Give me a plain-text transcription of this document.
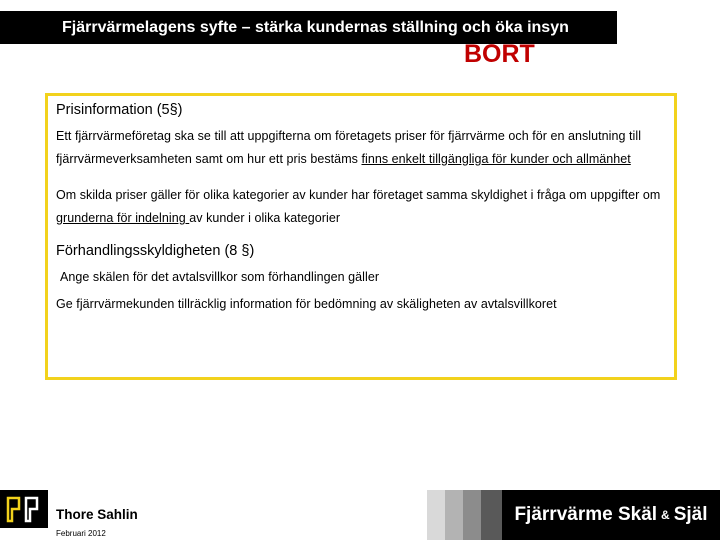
Fjärrvärmelagens syfte – stärka kundernas ställning och öka insyn
BORT
Prisinformation (5§)

Ett fjärrvärmeföretag ska se till att uppgifterna om företagets priser för fjärrvärme och för en anslutning till fjärrvärmeverksamheten samt om hur ett pris bestäms finns enkelt tillgängliga för kunder och allmänhet

Om skilda priser gäller för olika kategorier av kunder har företaget samma skyldighet i fråga om uppgifter om grunderna för indelning av kunder i olika kategorier

Förhandlingsskyldigheten (8 §)

Ange skälen för det avtalsvillkor som förhandlingen gäller

Ge fjärrvärmekunden tillräcklig information för bedömning av skäligheten av avtalsvillkoret

Thore Sahlin
Februari 2012
Fjärrvärme Skäl & Själ
